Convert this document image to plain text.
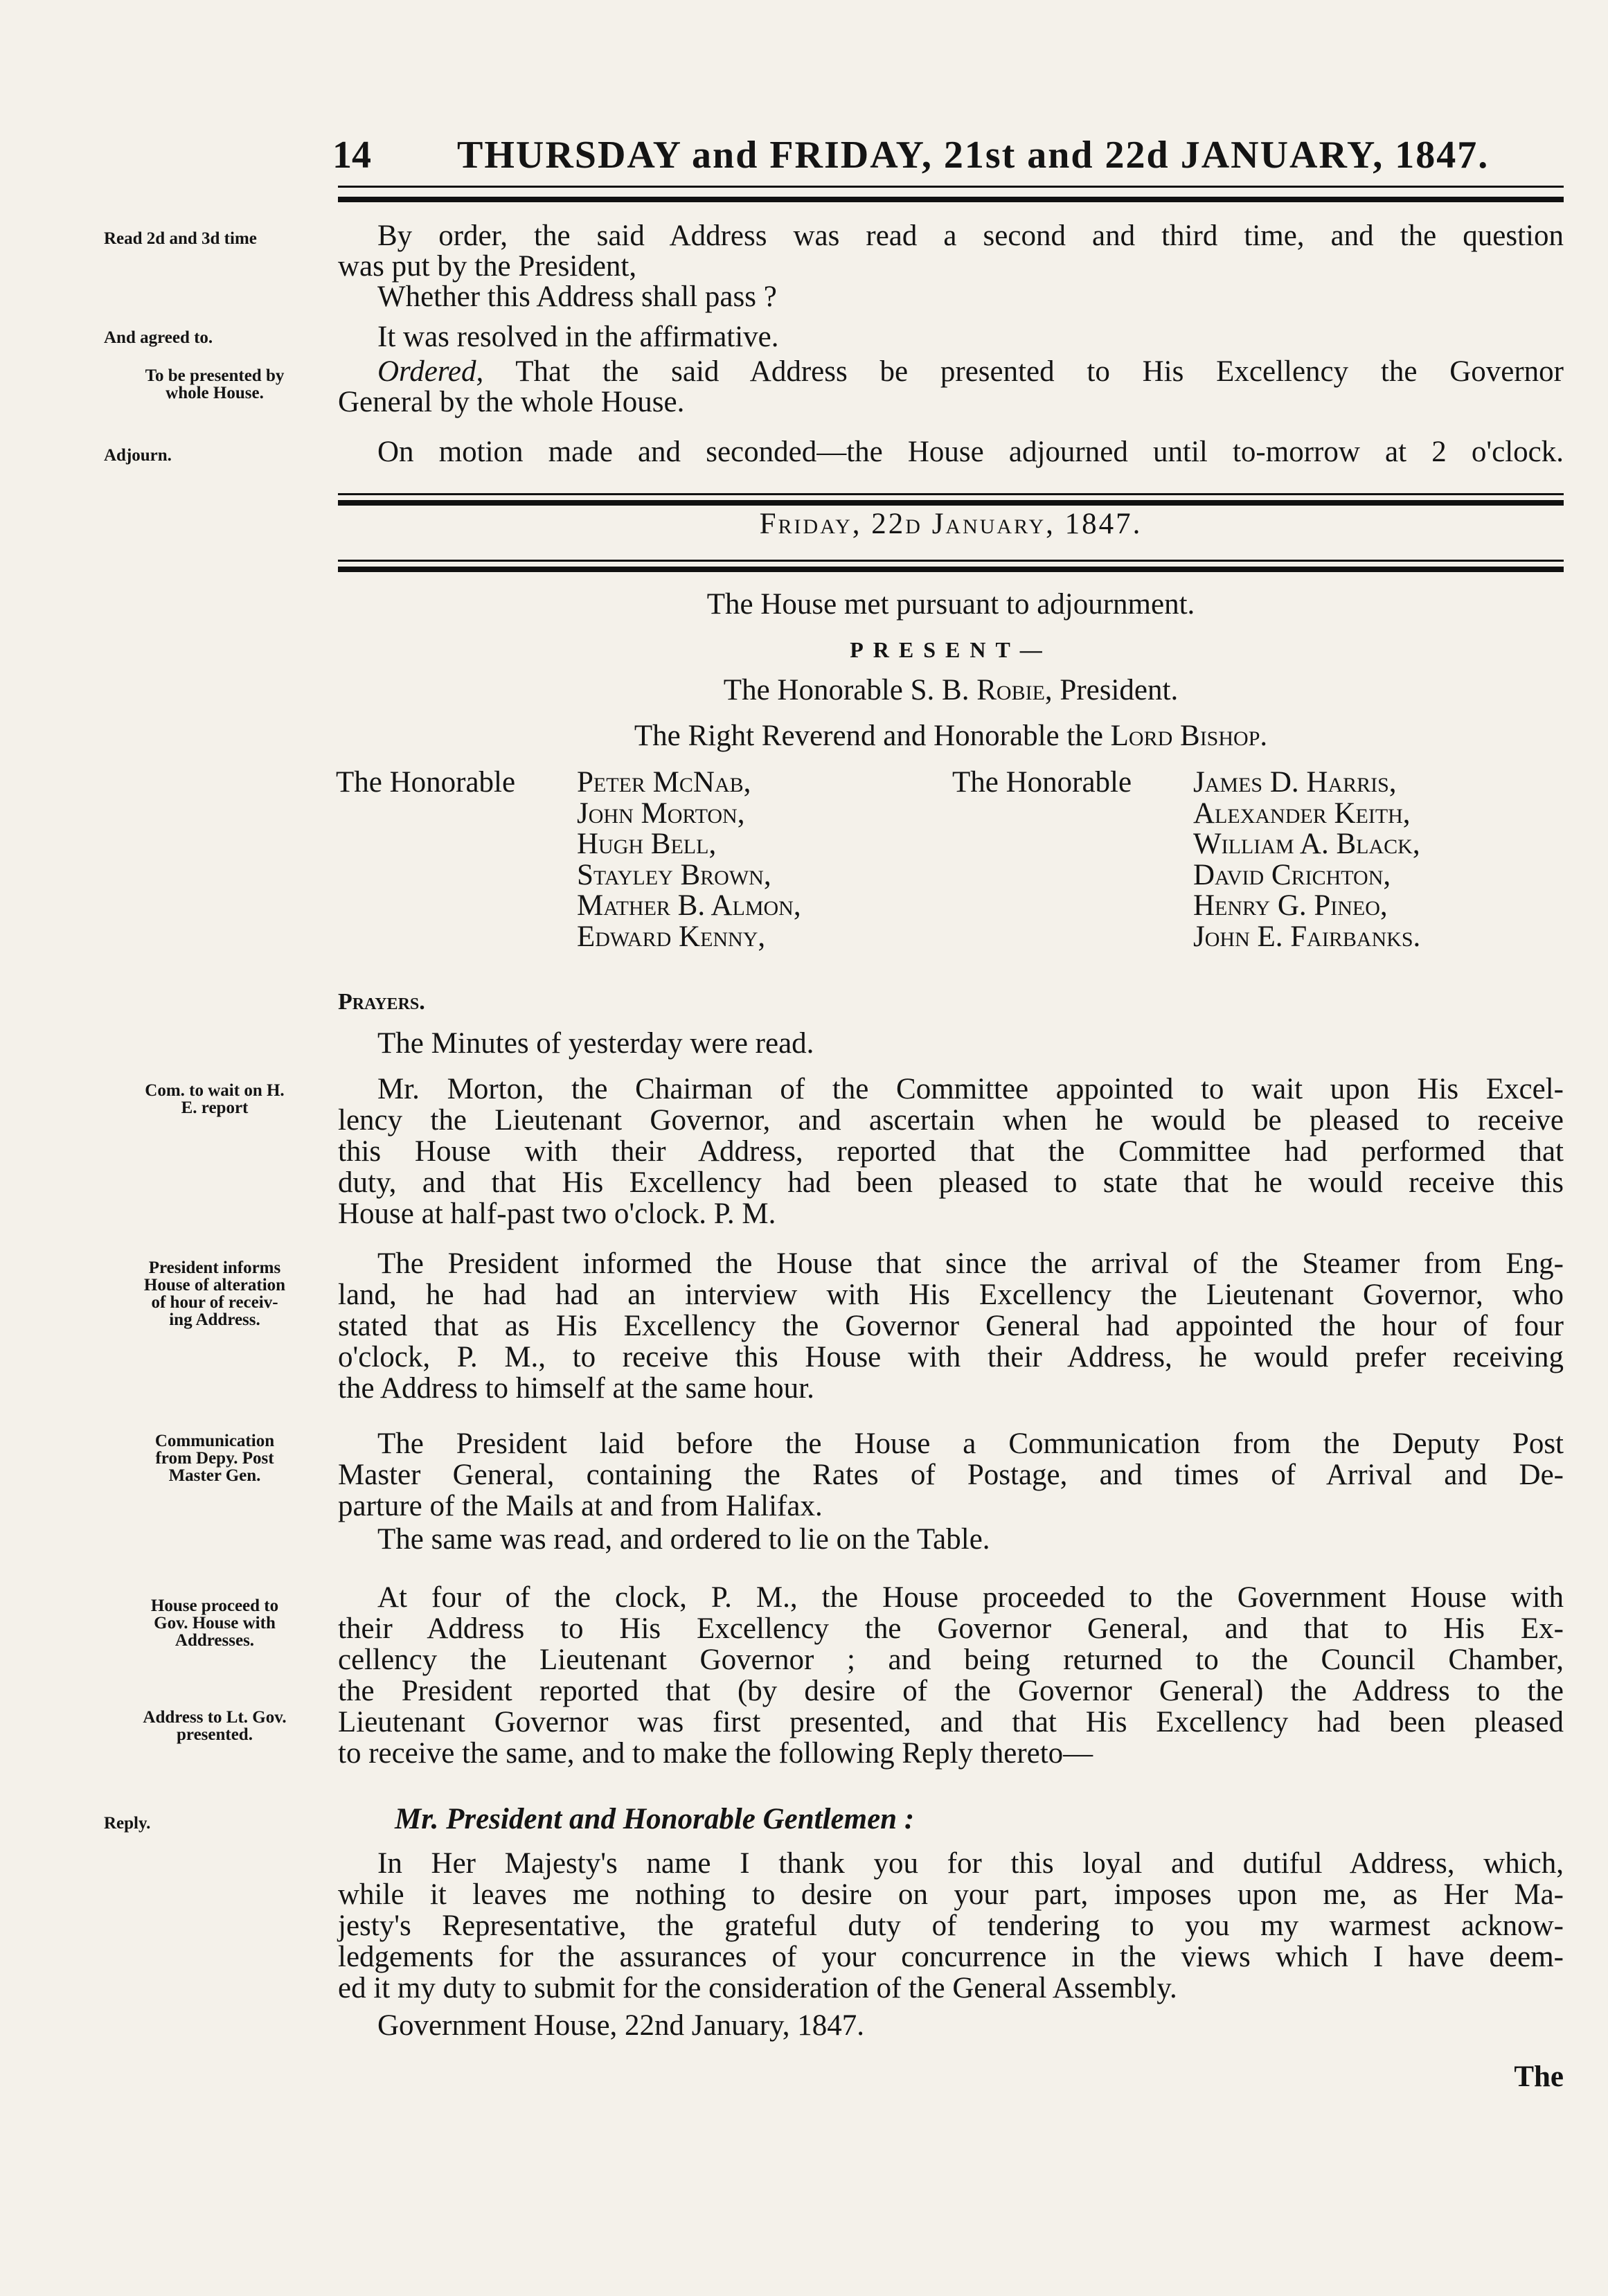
14 THURSDAY and FRIDAY, 21st and 22d JANUARY, 1847.
Read 2d and 3d time	By order, the said Address was read a second and third time, and the question
was put by the President,
Whether this Address shall pass ?
And agreed to.	It was resolved in the affirmative.
To be presented by
whole House.
Ordered, That the said Address be presented to His Excellency the Governor
General by the whole House.
Adjourn.	On motion made and seconded—the House adjourned until to-morrow at 2 o'clock.
Friday, 22d January, 1847.
The House met pursuant to adjournment.
PRESENT—
The Honorable S. B. Robie, President.
The Right Reverend and Honorable the Lord Bishop.
The Honorable Peter McNab,
John Morton,
Hugh Bell,
Stayley Brown,
Mather B. Almon,
Edward Kenny,
The Honorable James D. Harris,
Alexander Keith,
William A. Black,
David Crichton,
Henry G. Pineo,
John E. Fairbanks.
Prayers.
The Minutes of yesterday were read.
Com. to wait on H.
E. report
Mr. Morton, the Chairman of the Committee appointed to wait upon His Excel-
lency the Lieutenant Governor, and ascertain when he would be pleased to receive
this House with their Address, reported that the Committee had performed that
duty, and that His Excellency had been pleased to state that he would receive this
House at half-past two o'clock. P. M.
President informs
House of alteration
of hour of receiv-
ing Address.
The President informed the House that since the arrival of the Steamer from Eng-
land, he had had an interview with His Excellency the Lieutenant Governor, who
stated that as His Excellency the Governor General had appointed the hour of four
o'clock, P. M., to receive this House with their Address, he would prefer receiving
the Address to himself at the same hour.
Communication
from Depy. Post
Master Gen.
The President laid before the House a Communication from the Deputy Post
Master General, containing the Rates of Postage, and times of Arrival and De-
parture of the Mails at and from Halifax.
The same was read, and ordered to lie on the Table.
House proceed to
Gov. House with
Addresses.
At four of the clock, P. M., the House proceeded to the Government House with
their Address to His Excellency the Governor General, and that to His Ex-
cellency the Lieutenant Governor ; and being returned to the Council Chamber,
Address to Lt. Gov.
presented.
the President reported that (by desire of the Governor General) the Address to the
Lieutenant Governor was first presented, and that His Excellency had been pleased
to receive the same, and to make the following Reply thereto—
Reply.	Mr. President and Honorable Gentlemen :
In Her Majesty's name I thank you for this loyal and dutiful Address, which,
while it leaves me nothing to desire on your part, imposes upon me, as Her Ma-
jesty's Representative, the grateful duty of tendering to you my warmest acknow-
ledgements for the assurances of your concurrence in the views which I have deem-
ed it my duty to submit for the consideration of the General Assembly.
Government House, 22nd January, 1847.
The
